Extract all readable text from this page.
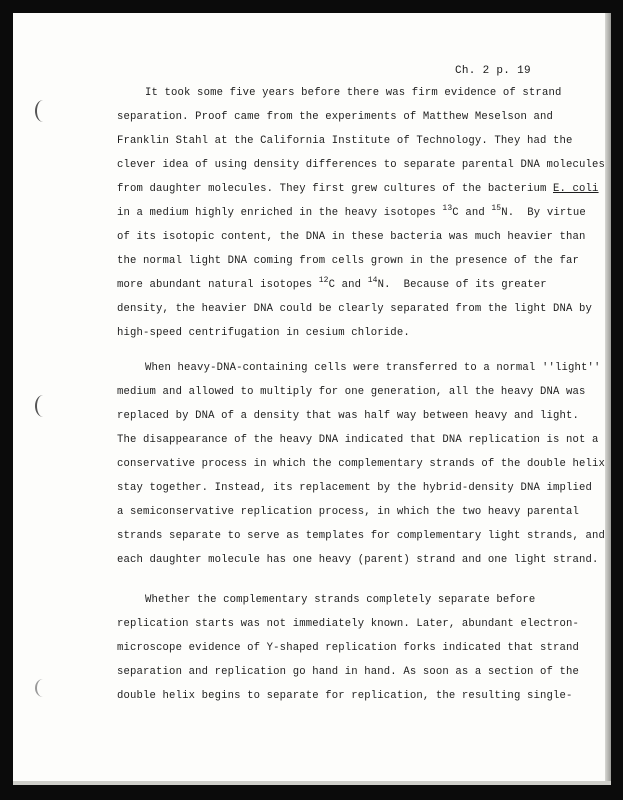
Ch. 2 p. 19
It took some five years before there was firm evidence of strand
separation. Proof came from the experiments of Matthew Meselson and
Franklin Stahl at the California Institute of Technology. They had the
clever idea of using density differences to separate parental DNA molecules
from daughter molecules. They first grew cultures of the bacterium E. coli
in a medium highly enriched in the heavy isotopes $^{13}$C and $^{15}$N. By virtue
of its isotopic content, the DNA in these bacteria was much heavier than
the normal light DNA coming from cells grown in the presence of the far
more abundant natural isotopes $^{12}$C and $^{14}$N. Because of its greater
density, the heavier DNA could be clearly separated from the light DNA by
high-speed centrifugation in cesium chloride.
When heavy-DNA-containing cells were transferred to a normal ''light''
medium and allowed to multiply for one generation, all the heavy DNA was
replaced by DNA of a density that was half way between heavy and light.
The disappearance of the heavy DNA indicated that DNA replication is not a
conservative process in which the complementary strands of the double helix
stay together. Instead, its replacement by the hybrid-density DNA implied
a semiconservative replication process, in which the two heavy parental
strands separate to serve as templates for complementary light strands, and
each daughter molecule has one heavy (parent) strand and one light strand.
Whether the complementary strands completely separate before
replication starts was not immediately known. Later, abundant electron-
microscope evidence of Y-shaped replication forks indicated that strand
separation and replication go hand in hand. As soon as a section of the
double helix begins to separate for replication, the resulting single-
